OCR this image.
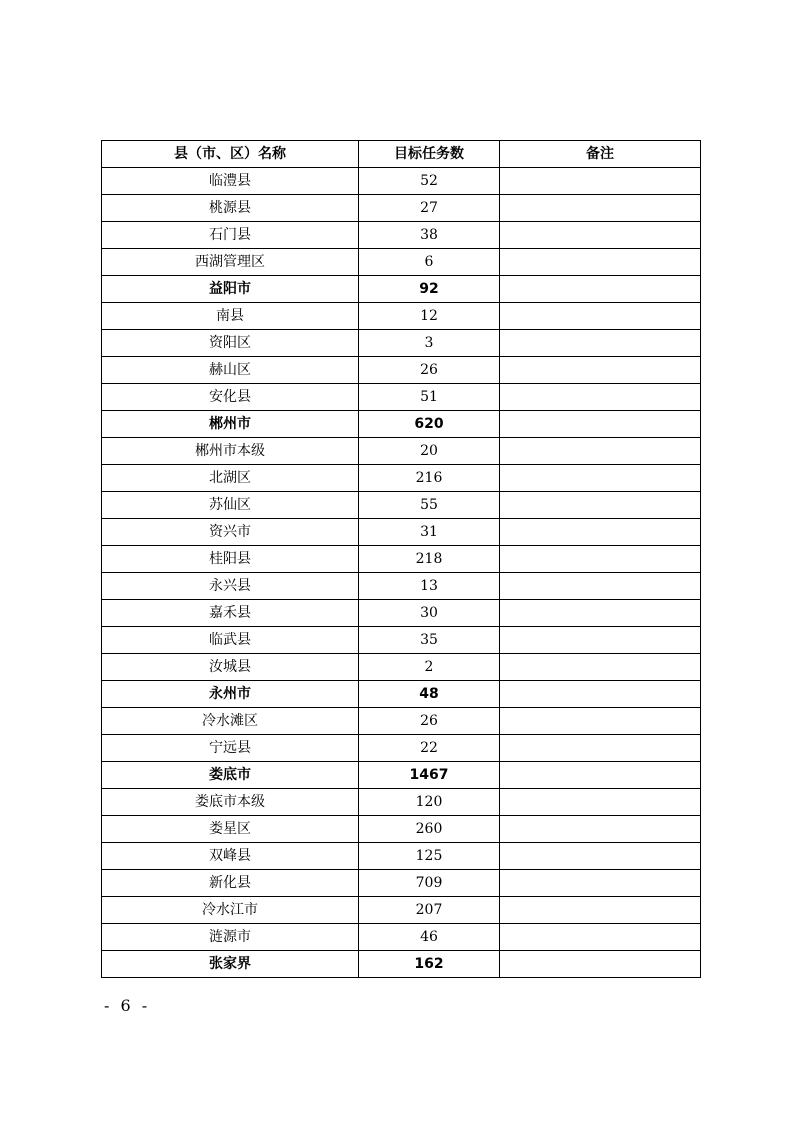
县（市、区）名称	目标任务数	备注
临澧县	52	
桃源县	27	
石门县	38	
西湖管理区	6	
益阳市	92	
南县	12	
资阳区	3	
赫山区	26	
安化县	51	
郴州市	620	
郴州市本级	20	
北湖区	216	
苏仙区	55	
资兴市	31	
桂阳县	218	
永兴县	13	
嘉禾县	30	
临武县	35	
汝城县	2	
永州市	48	
冷水滩区	26	
宁远县	22	
娄底市	1467	
娄底市本级	120	
娄星区	260	
双峰县	125	
新化县	709	
冷水江市	207	
涟源市	46	
张家界	162	
- 6 -
